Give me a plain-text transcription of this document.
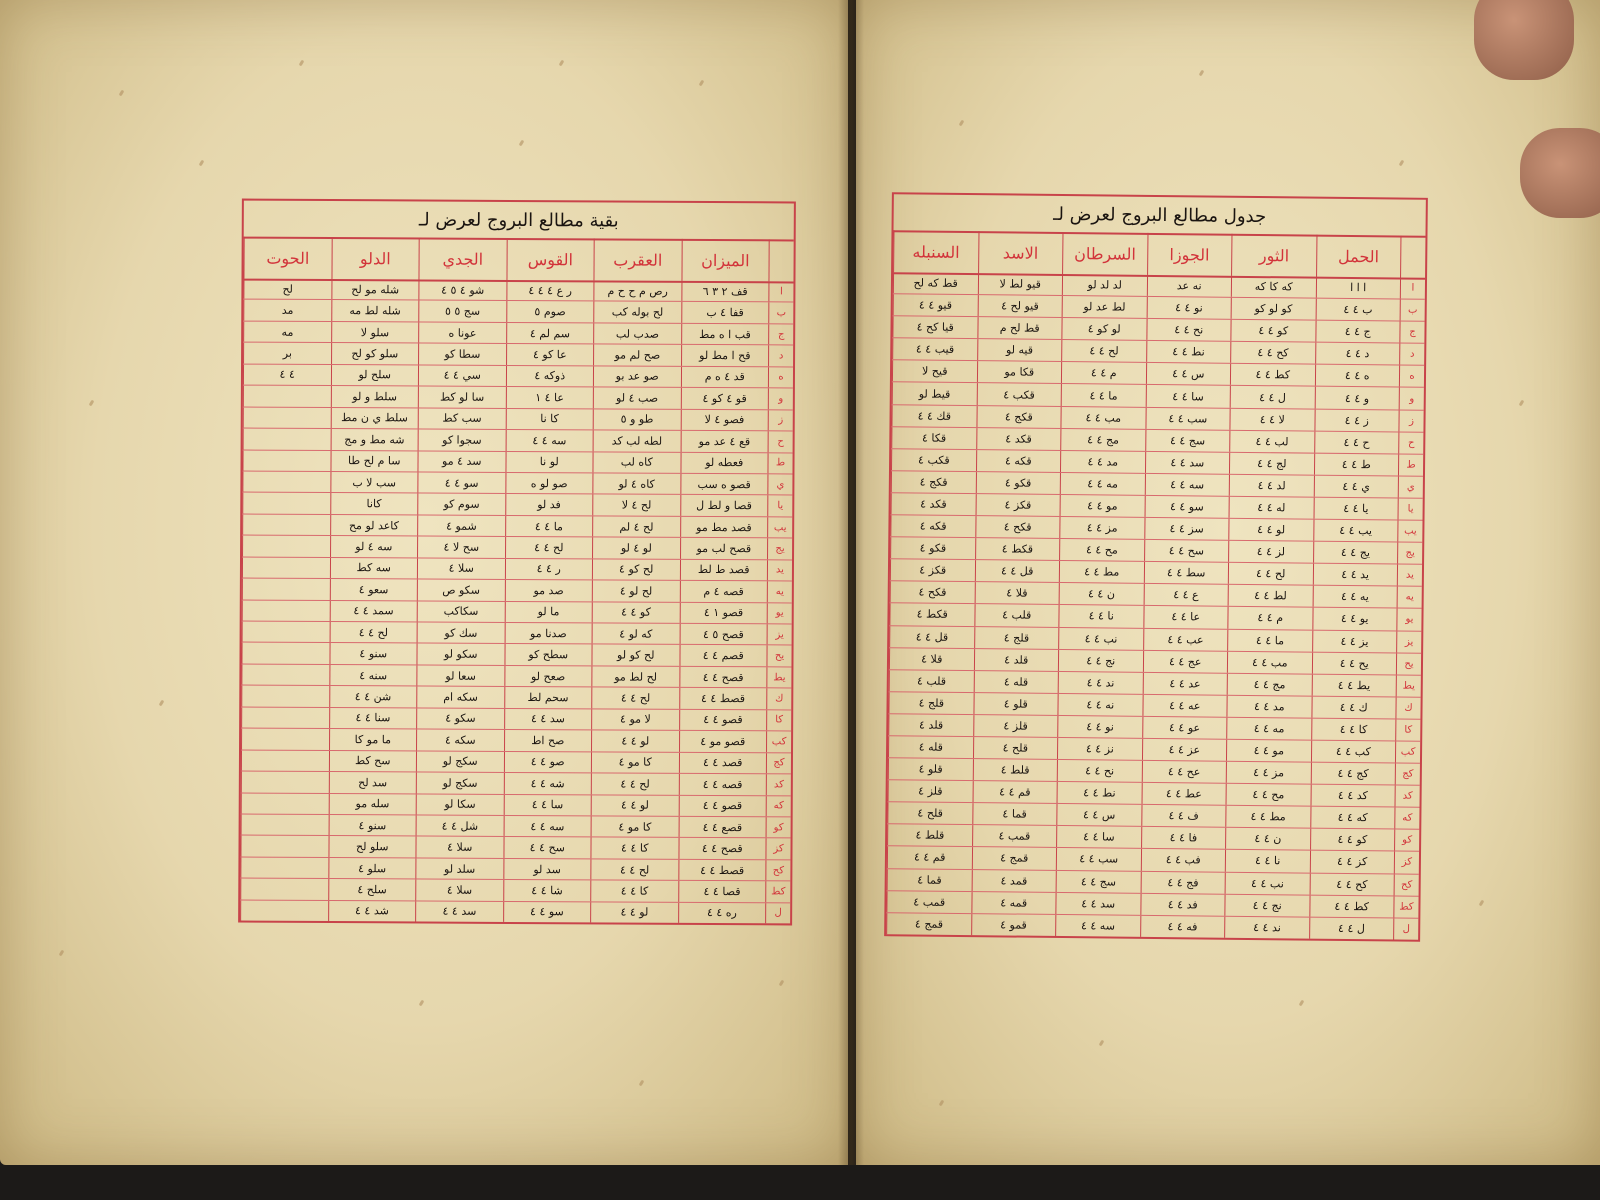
بقية مطالع البروج لعرض لـ
الميزان
العقرب
القوس
الجدي
الدلو
الحوت
ا
قف ٢ ٣ ٦
رص م ح ح م
ر ع ٤ ٤ ٤
شو ٤ ٥ ٤
شله مو لح
لح
ب
قفا ٤ ب
لح بوله كب
صوم ٥
سج ٥ ٥
شله لط مه
مد
ج
قب ا ه مط
صدب لب
سم لم ٤
عونا ه
سلو لا
مه
د
قح ا مط لو
صح لم مو
عا كو ٤
سطا كو
سلو كو لح
بر
ه
قد ٤ ه م
صو عد بو
ذوكه ٤
سي ٤ ٤
سلح لو
٤ ٤
و
قو ٤ كو ٤
صب ٤ لو
عا ٤ ١
سا لو كط
سلط و لو
ز
فصو ٤ لا
طو و ٥
كا نا
سب كط
سلط ي ن مط
ح
قع ٤ عد مو
لطه لب كد
سه ٤ ٤
سجوا كو
شه مط و مج
ط
فعطه لو
كاه لب
لو نا
سد ٤ مو
سا م لح طا
ي
قصو ه سب
كاه ٤ لو
صو لو ه
سو ٤ ٤
سب لا ب
يا
قصا و لط ل
لح ٤ لا
فد لو
سوم كو
كانا
يب
قصد مط مو
لح ٤ لم
ما ٤ ٤
شمو ٤
كاعد لو مح
يج
قصح لب مو
لو ٤ لو
لح ٤ ٤
سح لا ٤
سه ٤ لو
يد
قصد ط لط
لح كو ٤
ر ٤ ٤
سلا ٤
سه كط
يه
قصه ٤ م
لح لو ٤
صد مو
سكو ص
سعو ٤
يو
قصو ١ ٤
كو ٤ ٤
ما لو
سكاكب
سمد ٤ ٤
يز
قصح ٥ ٤
كه لو ٤
صدنا مو
سك كو
لح ٤ ٤
يح
قصم ٤ ٤
لح كو لو
سطح كو
سكو لو
سنو ٤
يط
قصح ٤ ٤
لح لط مو
صعح لو
سعا لو
سنه ٤
ك
قصط ٤ ٤
لح ٤ ٤
سحم لط
سكه ام
شن ٤ ٤
كا
قصو ٤ ٤
لا مو ٤
سد ٤ ٤
سكو ٤
سنا ٤ ٤
كب
قصو مو ٤
لو ٤ ٤
صح اط
سكه ٤
ما مو كا
كج
قصد ٤ ٤
كا مو ٤
صو ٤ ٤
سكج لو
سح كط
كد
قصه ٤ ٤
لح ٤ ٤
شه ٤ ٤
سكج لو
سد لح
كه
قصو ٤ ٤
لو ٤ ٤
سا ٤ ٤
سكا لو
سله مو
كو
قصع ٤ ٤
كا مو ٤
سه ٤ ٤
شل ٤ ٤
سنو ٤
كز
قصح ٤ ٤
كا ٤ ٤
سح ٤ ٤
سلا ٤
سلو لح
كح
قصط ٤ ٤
لح ٤ ٤
سد لو
سلد لو
سلو ٤
كط
قصا ٤ ٤
كا ٤ ٤
شا ٤ ٤
سلا ٤
سلح ٤
ل
ره ٤ ٤
لو ٤ ٤
سو ٤ ٤
سد ٤ ٤
شد ٤ ٤
جدول مطالع البروج لعرض لـ
الحمل
الثور
الجوزا
السرطان
الاسد
السنبله
ا
ا ا ا
كه كا كه
نه عد
لد لد لو
قيو لط لا
قط كه لح
ب
ب ٤ ٤
كو لو كو
نو ٤ ٤
لط عد لو
قيو لح ٤
قيو ٤ ٤
ج
ج ٤ ٤
كو ٤ ٤
نح ٤ ٤
لو كو ٤
قط لح م
قيا كح ٤
د
د ٤ ٤
كح ٤ ٤
نط ٤ ٤
لح ٤ ٤
قيه لو
قيب ٤ ٤
ه
ه ٤ ٤
كط ٤ ٤
س ٤ ٤
م ٤ ٤
قكا مو
قيح لا
و
و ٤ ٤
ل ٤ ٤
سا ٤ ٤
ما ٤ ٤
قكب ٤
قيط لو
ز
ز ٤ ٤
لا ٤ ٤
سب ٤ ٤
مب ٤ ٤
قكج ٤
قك ٤ ٤
ح
ح ٤ ٤
لب ٤ ٤
سج ٤ ٤
مج ٤ ٤
قكد ٤
قكا ٤
ط
ط ٤ ٤
لج ٤ ٤
سد ٤ ٤
مد ٤ ٤
قكه ٤
قكب ٤
ي
ي ٤ ٤
لد ٤ ٤
سه ٤ ٤
مه ٤ ٤
قكو ٤
قكج ٤
يا
يا ٤ ٤
له ٤ ٤
سو ٤ ٤
مو ٤ ٤
قكز ٤
قكد ٤
يب
يب ٤ ٤
لو ٤ ٤
سز ٤ ٤
مز ٤ ٤
قكح ٤
قكه ٤
يج
يج ٤ ٤
لز ٤ ٤
سح ٤ ٤
مح ٤ ٤
قكط ٤
قكو ٤
يد
يد ٤ ٤
لح ٤ ٤
سط ٤ ٤
مط ٤ ٤
قل ٤ ٤
قكز ٤
يه
يه ٤ ٤
لط ٤ ٤
ع ٤ ٤
ن ٤ ٤
قلا ٤
قكح ٤
يو
يو ٤ ٤
م ٤ ٤
عا ٤ ٤
نا ٤ ٤
قلب ٤
قكط ٤
يز
يز ٤ ٤
ما ٤ ٤
عب ٤ ٤
نب ٤ ٤
قلج ٤
قل ٤ ٤
يح
يح ٤ ٤
مب ٤ ٤
عج ٤ ٤
نج ٤ ٤
قلد ٤
قلا ٤
يط
يط ٤ ٤
مج ٤ ٤
عد ٤ ٤
ند ٤ ٤
قله ٤
قلب ٤
ك
ك ٤ ٤
مد ٤ ٤
عه ٤ ٤
نه ٤ ٤
قلو ٤
قلج ٤
كا
كا ٤ ٤
مه ٤ ٤
عو ٤ ٤
نو ٤ ٤
قلز ٤
قلد ٤
كب
كب ٤ ٤
مو ٤ ٤
عز ٤ ٤
نز ٤ ٤
قلح ٤
قله ٤
كج
كج ٤ ٤
مز ٤ ٤
عح ٤ ٤
نح ٤ ٤
قلط ٤
قلو ٤
كد
كد ٤ ٤
مح ٤ ٤
عط ٤ ٤
نط ٤ ٤
قم ٤ ٤
قلز ٤
كه
كه ٤ ٤
مط ٤ ٤
ف ٤ ٤
س ٤ ٤
قما ٤
قلح ٤
كو
كو ٤ ٤
ن ٤ ٤
فا ٤ ٤
سا ٤ ٤
قمب ٤
قلط ٤
كز
كز ٤ ٤
نا ٤ ٤
فب ٤ ٤
سب ٤ ٤
قمج ٤
قم ٤ ٤
كح
كح ٤ ٤
نب ٤ ٤
فج ٤ ٤
سج ٤ ٤
قمد ٤
قما ٤
كط
كط ٤ ٤
نج ٤ ٤
فد ٤ ٤
سد ٤ ٤
قمه ٤
قمب ٤
ل
ل ٤ ٤
ند ٤ ٤
فه ٤ ٤
سه ٤ ٤
قمو ٤
قمج ٤
